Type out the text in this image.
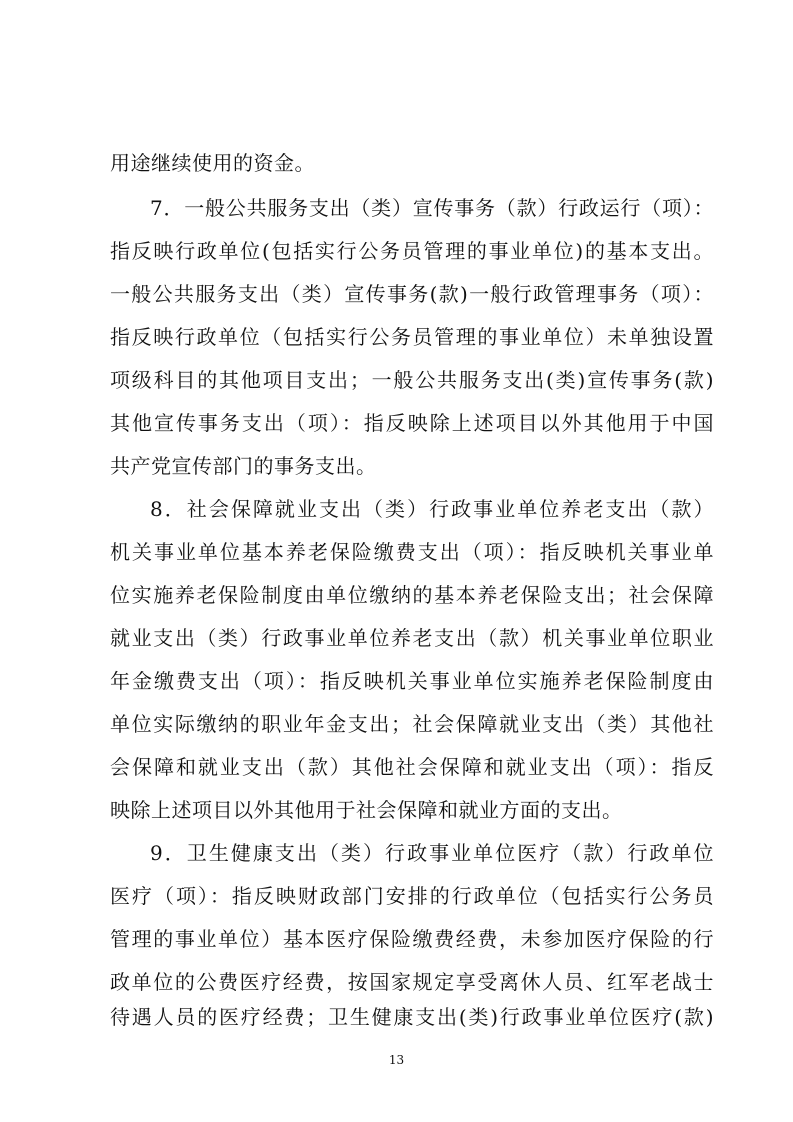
用途继续使用的资金。
7．一般公共服务支出（类）宣传事务（款）行政运行（项）：
指反映行政单位(包括实行公务员管理的事业单位)的基本支出。
一般公共服务支出（类）宣传事务(款)一般行政管理事务（项）：
指反映行政单位（包括实行公务员管理的事业单位）未单独设置
项级科目的其他项目支出；一般公共服务支出(类)宣传事务(款)
其他宣传事务支出（项）：指反映除上述项目以外其他用于中国
共产党宣传部门的事务支出。
8．社会保障就业支出（类）行政事业单位养老支出（款）
机关事业单位基本养老保险缴费支出（项）：指反映机关事业单
位实施养老保险制度由单位缴纳的基本养老保险支出；社会保障
就业支出（类）行政事业单位养老支出（款）机关事业单位职业
年金缴费支出（项）：指反映机关事业单位实施养老保险制度由
单位实际缴纳的职业年金支出；社会保障就业支出（类）其他社
会保障和就业支出（款）其他社会保障和就业支出（项）：指反
映除上述项目以外其他用于社会保障和就业方面的支出。
9．卫生健康支出（类）行政事业单位医疗（款）行政单位
医疗（项）：指反映财政部门安排的行政单位（包括实行公务员
管理的事业单位）基本医疗保险缴费经费，未参加医疗保险的行
政单位的公费医疗经费，按国家规定享受离休人员、红军老战士
待遇人员的医疗经费；卫生健康支出(类)行政事业单位医疗(款)
13
